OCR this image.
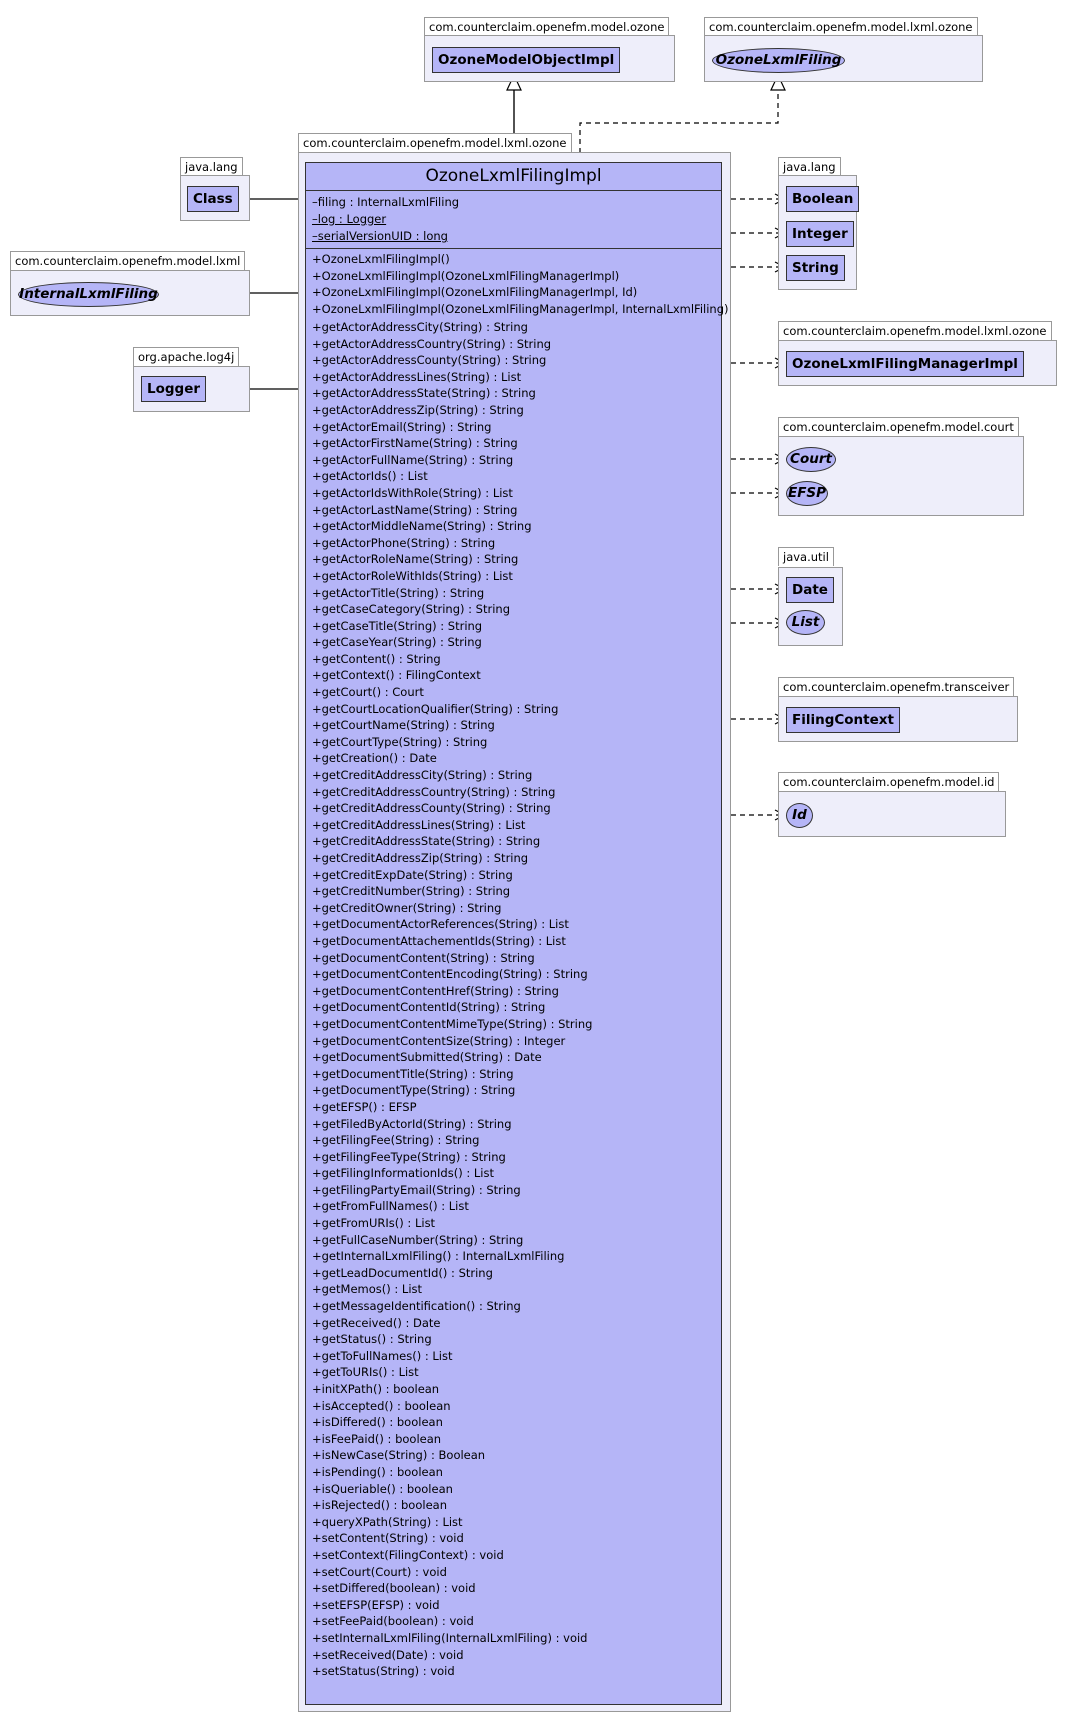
com.counterclaim.openefm.model.ozone
OzoneModelObjectImpl
com.counterclaim.openefm.model.lxml.ozone
OzoneLxmlFiling
java.lang
Class
com.counterclaim.openefm.model.lxml
InternalLxmlFiling
org.apache.log4j
Logger
java.lang
Boolean
Integer
String
com.counterclaim.openefm.model.lxml.ozone
OzoneLxmlFilingManagerImpl
com.counterclaim.openefm.model.court
Court
EFSP
java.util
Date
List
com.counterclaim.openefm.transceiver
FilingContext
com.counterclaim.openefm.model.id
Id
com.counterclaim.openefm.model.lxml.ozone
OzoneLxmlFilingImpl
–filing : InternalLxmlFiling
–log : Logger
–serialVersionUID : long
+OzoneLxmlFilingImpl()
+OzoneLxmlFilingImpl(OzoneLxmlFilingManagerImpl)
+OzoneLxmlFilingImpl(OzoneLxmlFilingManagerImpl, Id)
+OzoneLxmlFilingImpl(OzoneLxmlFilingManagerImpl, InternalLxmlFiling)
+getActorAddressCity(String) : String
+getActorAddressCountry(String) : String
+getActorAddressCounty(String) : String
+getActorAddressLines(String) : List
+getActorAddressState(String) : String
+getActorAddressZip(String) : String
+getActorEmail(String) : String
+getActorFirstName(String) : String
+getActorFullName(String) : String
+getActorIds() : List
+getActorIdsWithRole(String) : List
+getActorLastName(String) : String
+getActorMiddleName(String) : String
+getActorPhone(String) : String
+getActorRoleName(String) : String
+getActorRoleWithIds(String) : List
+getActorTitle(String) : String
+getCaseCategory(String) : String
+getCaseTitle(String) : String
+getCaseYear(String) : String
+getContent() : String
+getContext() : FilingContext
+getCourt() : Court
+getCourtLocationQualifier(String) : String
+getCourtName(String) : String
+getCourtType(String) : String
+getCreation() : Date
+getCreditAddressCity(String) : String
+getCreditAddressCountry(String) : String
+getCreditAddressCounty(String) : String
+getCreditAddressLines(String) : List
+getCreditAddressState(String) : String
+getCreditAddressZip(String) : String
+getCreditExpDate(String) : String
+getCreditNumber(String) : String
+getCreditOwner(String) : String
+getDocumentActorReferences(String) : List
+getDocumentAttachementIds(String) : List
+getDocumentContent(String) : String
+getDocumentContentEncoding(String) : String
+getDocumentContentHref(String) : String
+getDocumentContentId(String) : String
+getDocumentContentMimeType(String) : String
+getDocumentContentSize(String) : Integer
+getDocumentSubmitted(String) : Date
+getDocumentTitle(String) : String
+getDocumentType(String) : String
+getEFSP() : EFSP
+getFiledByActorId(String) : String
+getFilingFee(String) : String
+getFilingFeeType(String) : String
+getFilingInformationIds() : List
+getFilingPartyEmail(String) : String
+getFromFullNames() : List
+getFromURIs() : List
+getFullCaseNumber(String) : String
+getInternalLxmlFiling() : InternalLxmlFiling
+getLeadDocumentId() : String
+getMemos() : List
+getMessageIdentification() : String
+getReceived() : Date
+getStatus() : String
+getToFullNames() : List
+getToURIs() : List
+initXPath() : boolean
+isAccepted() : boolean
+isDiffered() : boolean
+isFeePaid() : boolean
+isNewCase(String) : Boolean
+isPending() : boolean
+isQueriable() : boolean
+isRejected() : boolean
+queryXPath(String) : List
+setContent(String) : void
+setContext(FilingContext) : void
+setCourt(Court) : void
+setDiffered(boolean) : void
+setEFSP(EFSP) : void
+setFeePaid(boolean) : void
+setInternalLxmlFiling(InternalLxmlFiling) : void
+setReceived(Date) : void
+setStatus(String) : void
